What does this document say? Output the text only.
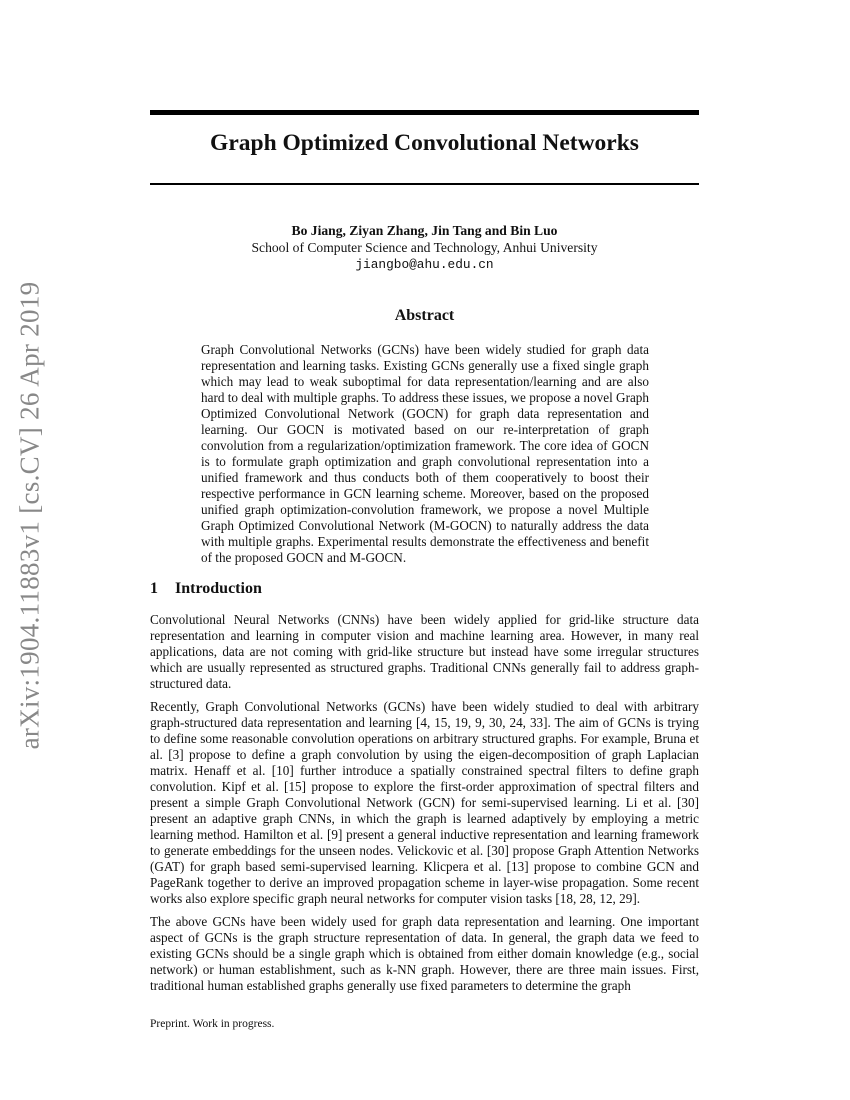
arXiv:1904.11883v1 [cs.CV] 26 Apr 2019
Graph Optimized Convolutional Networks
Bo Jiang, Ziyan Zhang, Jin Tang and Bin Luo
School of Computer Science and Technology, Anhui University
jiangbo@ahu.edu.cn
Abstract
Graph Convolutional Networks (GCNs) have been widely studied for graph data representation and learning tasks. Existing GCNs generally use a fixed single graph which may lead to weak suboptimal for data representation/learning and are also hard to deal with multiple graphs. To address these issues, we propose a novel Graph Optimized Convolutional Network (GOCN) for graph data representation and learning. Our GOCN is motivated based on our re-interpretation of graph convolution from a regularization/optimization framework. The core idea of GOCN is to formulate graph optimization and graph convolutional representation into a unified framework and thus conducts both of them cooperatively to boost their respective performance in GCN learning scheme. Moreover, based on the proposed unified graph optimization-convolution framework, we propose a novel Multiple Graph Optimized Convolutional Network (M-GOCN) to naturally address the data with multiple graphs. Experimental results demonstrate the effectiveness and benefit of the proposed GOCN and M-GOCN.
1 Introduction

Convolutional Neural Networks (CNNs) have been widely applied for grid-like structure data representation and learning in computer vision and machine learning area. However, in many real applications, data are not coming with grid-like structure but instead have some irregular structures which are usually represented as structured graphs. Traditional CNNs generally fail to address graph-structured data.

Recently, Graph Convolutional Networks (GCNs) have been widely studied to deal with arbitrary graph-structured data representation and learning [4, 15, 19, 9, 30, 24, 33]. The aim of GCNs is trying to define some reasonable convolution operations on arbitrary structured graphs. For example, Bruna et al. [3] propose to define a graph convolution by using the eigen-decomposition of graph Laplacian matrix. Henaff et al. [10] further introduce a spatially constrained spectral filters to define graph convolution. Kipf et al. [15] propose to explore the first-order approximation of spectral filters and present a simple Graph Convolutional Network (GCN) for semi-supervised learning. Li et al. [30] present an adaptive graph CNNs, in which the graph is learned adaptively by employing a metric learning method. Hamilton et al. [9] present a general inductive representation and learning framework to generate embeddings for the unseen nodes. Velickovic et al. [30] propose Graph Attention Networks (GAT) for graph based semi-supervised learning. Klicpera et al. [13] propose to combine GCN and PageRank together to derive an improved propagation scheme in layer-wise propagation. Some recent works also explore specific graph neural networks for computer vision tasks [18, 28, 12, 29].

The above GCNs have been widely used for graph data representation and learning. One important aspect of GCNs is the graph structure representation of data. In general, the graph data we feed to existing GCNs should be a single graph which is obtained from either domain knowledge (e.g., social network) or human establishment, such as k-NN graph. However, there are three main issues. First, traditional human established graphs generally use fixed parameters to determine the graph

Preprint. Work in progress.
